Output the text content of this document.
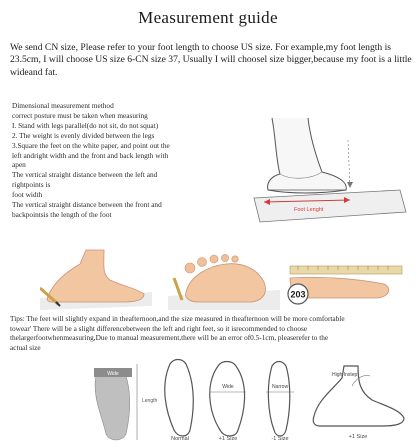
Measurement guide
We send CN size, Please refer to your foot length to choose US size. For example,my foot length is 23.5cm, I will choose US size 6-CN size 37, Usually I will choosel size bigger,because my foot is a little wideand fat.
Dimensional measurement method
correct posture must be taken when measuring
I. Stand with legs parallel(do not sit, do not squat)
2. The weight is evenly divided between the legs
3.Square the feet on the white paper, and point out the
left andright width and the front and back length with
apen
The vertical straight distance between the left and
rightpoints is
foot width
The vertical straight distance between the front and
backpointsis the length of the foot	Foot Lenght
203
Tips: The feet will slightly expand in theafternoon,and the size measured in theafternoon will be more comfortable
towear' There will be a slight differencebetween the left and right feet, so it isrecommended to choose
thelargerfootwhenmeasuring,Due to manual measurement,there will be an error of0.5-1cm, pleaserefer to the
actual size
Wide
Length
Normal
Wide
+1 Size
Narrow
-1 Size
High Instep
+1 Size
